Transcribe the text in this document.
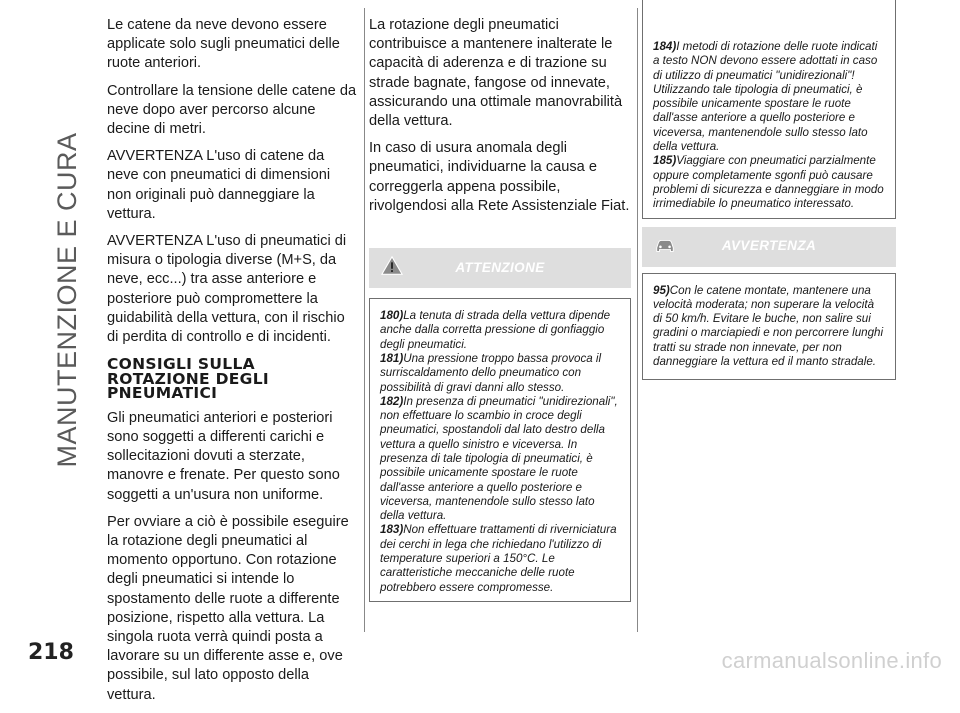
MANUTENZIONE E CURA

Le catene da neve devono essere applicate solo sugli pneumatici delle ruote anteriori.

Controllare la tensione delle catene da neve dopo aver percorso alcune decine di metri.

AVVERTENZA L'uso di catene da neve con pneumatici di dimensioni non originali può danneggiare la vettura.

AVVERTENZA L'uso di pneumatici di misura o tipologia diverse (M+S, da neve, ecc...) tra asse anteriore e posteriore può compromettere la guidabilità della vettura, con il rischio di perdita di controllo e di incidenti.

CONSIGLI SULLA ROTAZIONE DEGLI PNEUMATICI

Gli pneumatici anteriori e posteriori sono soggetti a differenti carichi e sollecitazioni dovuti a sterzate, manovre e frenate. Per questo sono soggetti a un'usura non uniforme.

Per ovviare a ciò è possibile eseguire la rotazione degli pneumatici al momento opportuno. Con rotazione degli pneumatici si intende lo spostamento delle ruote a differente posizione, rispetto alla vettura. La singola ruota verrà quindi posta a lavorare su un differente asse e, ove possibile, sul lato opposto della vettura.

La rotazione degli pneumatici contribuisce a mantenere inalterate le capacità di aderenza e di trazione su strade bagnate, fangose od innevate, assicurando una ottimale manovrabilità della vettura.

In caso di usura anomala degli pneumatici, individuarne la causa e correggerla appena possibile, rivolgendosi alla Rete Assistenziale Fiat.

ATTENZIONE

180)La tenuta di strada della vettura dipende anche dalla corretta pressione di gonfiaggio degli pneumatici.

181)Una pressione troppo bassa provoca il surriscaldamento dello pneumatico con possibilità di gravi danni allo stesso.

182)In presenza di pneumatici "unidirezionali", non effettuare lo scambio in croce degli pneumatici, spostandoli dal lato destro della vettura a quello sinistro e viceversa. In presenza di tale tipologia di pneumatici, è possibile unicamente spostare le ruote dall'asse anteriore a quello posteriore e viceversa, mantenendole sullo stesso lato della vettura.

183)Non effettuare trattamenti di riverniciatura dei cerchi in lega che richiedano l'utilizzo di temperature superiori a 150°C. Le caratteristiche meccaniche delle ruote potrebbero essere compromesse.

184)I metodi di rotazione delle ruote indicati a testo NON devono essere adottati in caso di utilizzo di pneumatici "unidirezionali"! Utilizzando tale tipologia di pneumatici, è possibile unicamente spostare le ruote dall'asse anteriore a quello posteriore e viceversa, mantenendole sullo stesso lato della vettura.

185)Viaggiare con pneumatici parzialmente oppure completamente sgonfi può causare problemi di sicurezza e danneggiare in modo irrimediabile lo pneumatico interessato.

AVVERTENZA

95)Con le catene montate, mantenere una velocità moderata; non superare la velocità di 50 km/h. Evitare le buche, non salire sui gradini o marciapiedi e non percorrere lunghi tratti su strade non innevate, per non danneggiare la vettura ed il manto stradale.

218	carmanualsonline.info
